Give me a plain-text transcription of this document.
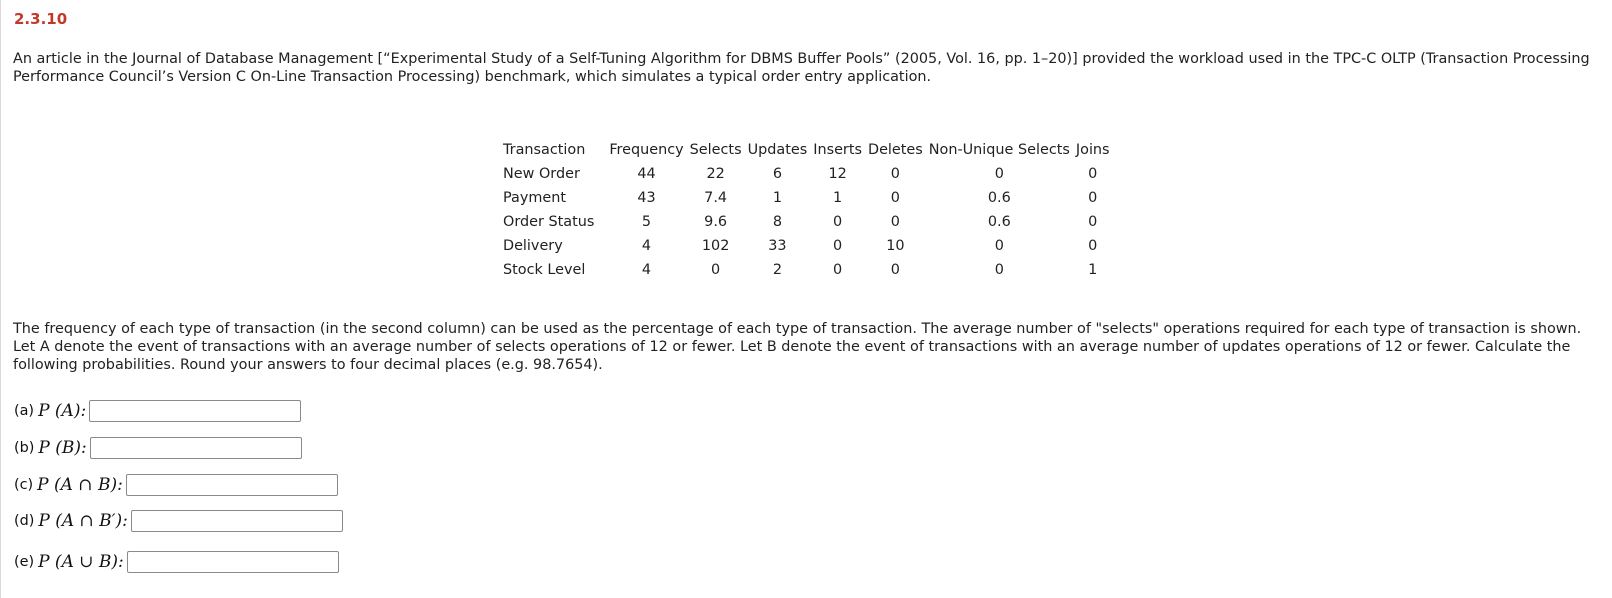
2.3.10
An article in the Journal of Database Management [“Experimental Study of a Self-Tuning Algorithm for DBMS Buffer Pools” (2005, Vol. 16, pp. 1–20)] provided the workload used in the TPC-C OLTP (Transaction Processing Performance Council’s Version C On-Line Transaction Processing) benchmark, which simulates a typical order entry application.
Transaction	Frequency	Selects	Updates	Inserts	Deletes	Non-Unique Selects	Joins
New Order	44	22	6	12	0	0	0
Payment	43	7.4	1	1	0	0.6	0
Order Status	5	9.6	8	0	0	0.6	0
Delivery	4	102	33	0	10	0	0
Stock Level	4	0	2	0	0	0	1
The frequency of each type of transaction (in the second column) can be used as the percentage of each type of transaction. The average number of "selects" operations required for each type of transaction is shown. Let A denote the event of transactions with an average number of selects operations of 12 or fewer. Let B denote the event of transactions with an average number of updates operations of 12 or fewer. Calculate the following probabilities. Round your answers to four decimal places (e.g. 98.7654).
(a) P (A):
(b) P (B):
(c) P (A ∩ B):
(d) P (A ∩ B′):
(e) P (A ∪ B):
